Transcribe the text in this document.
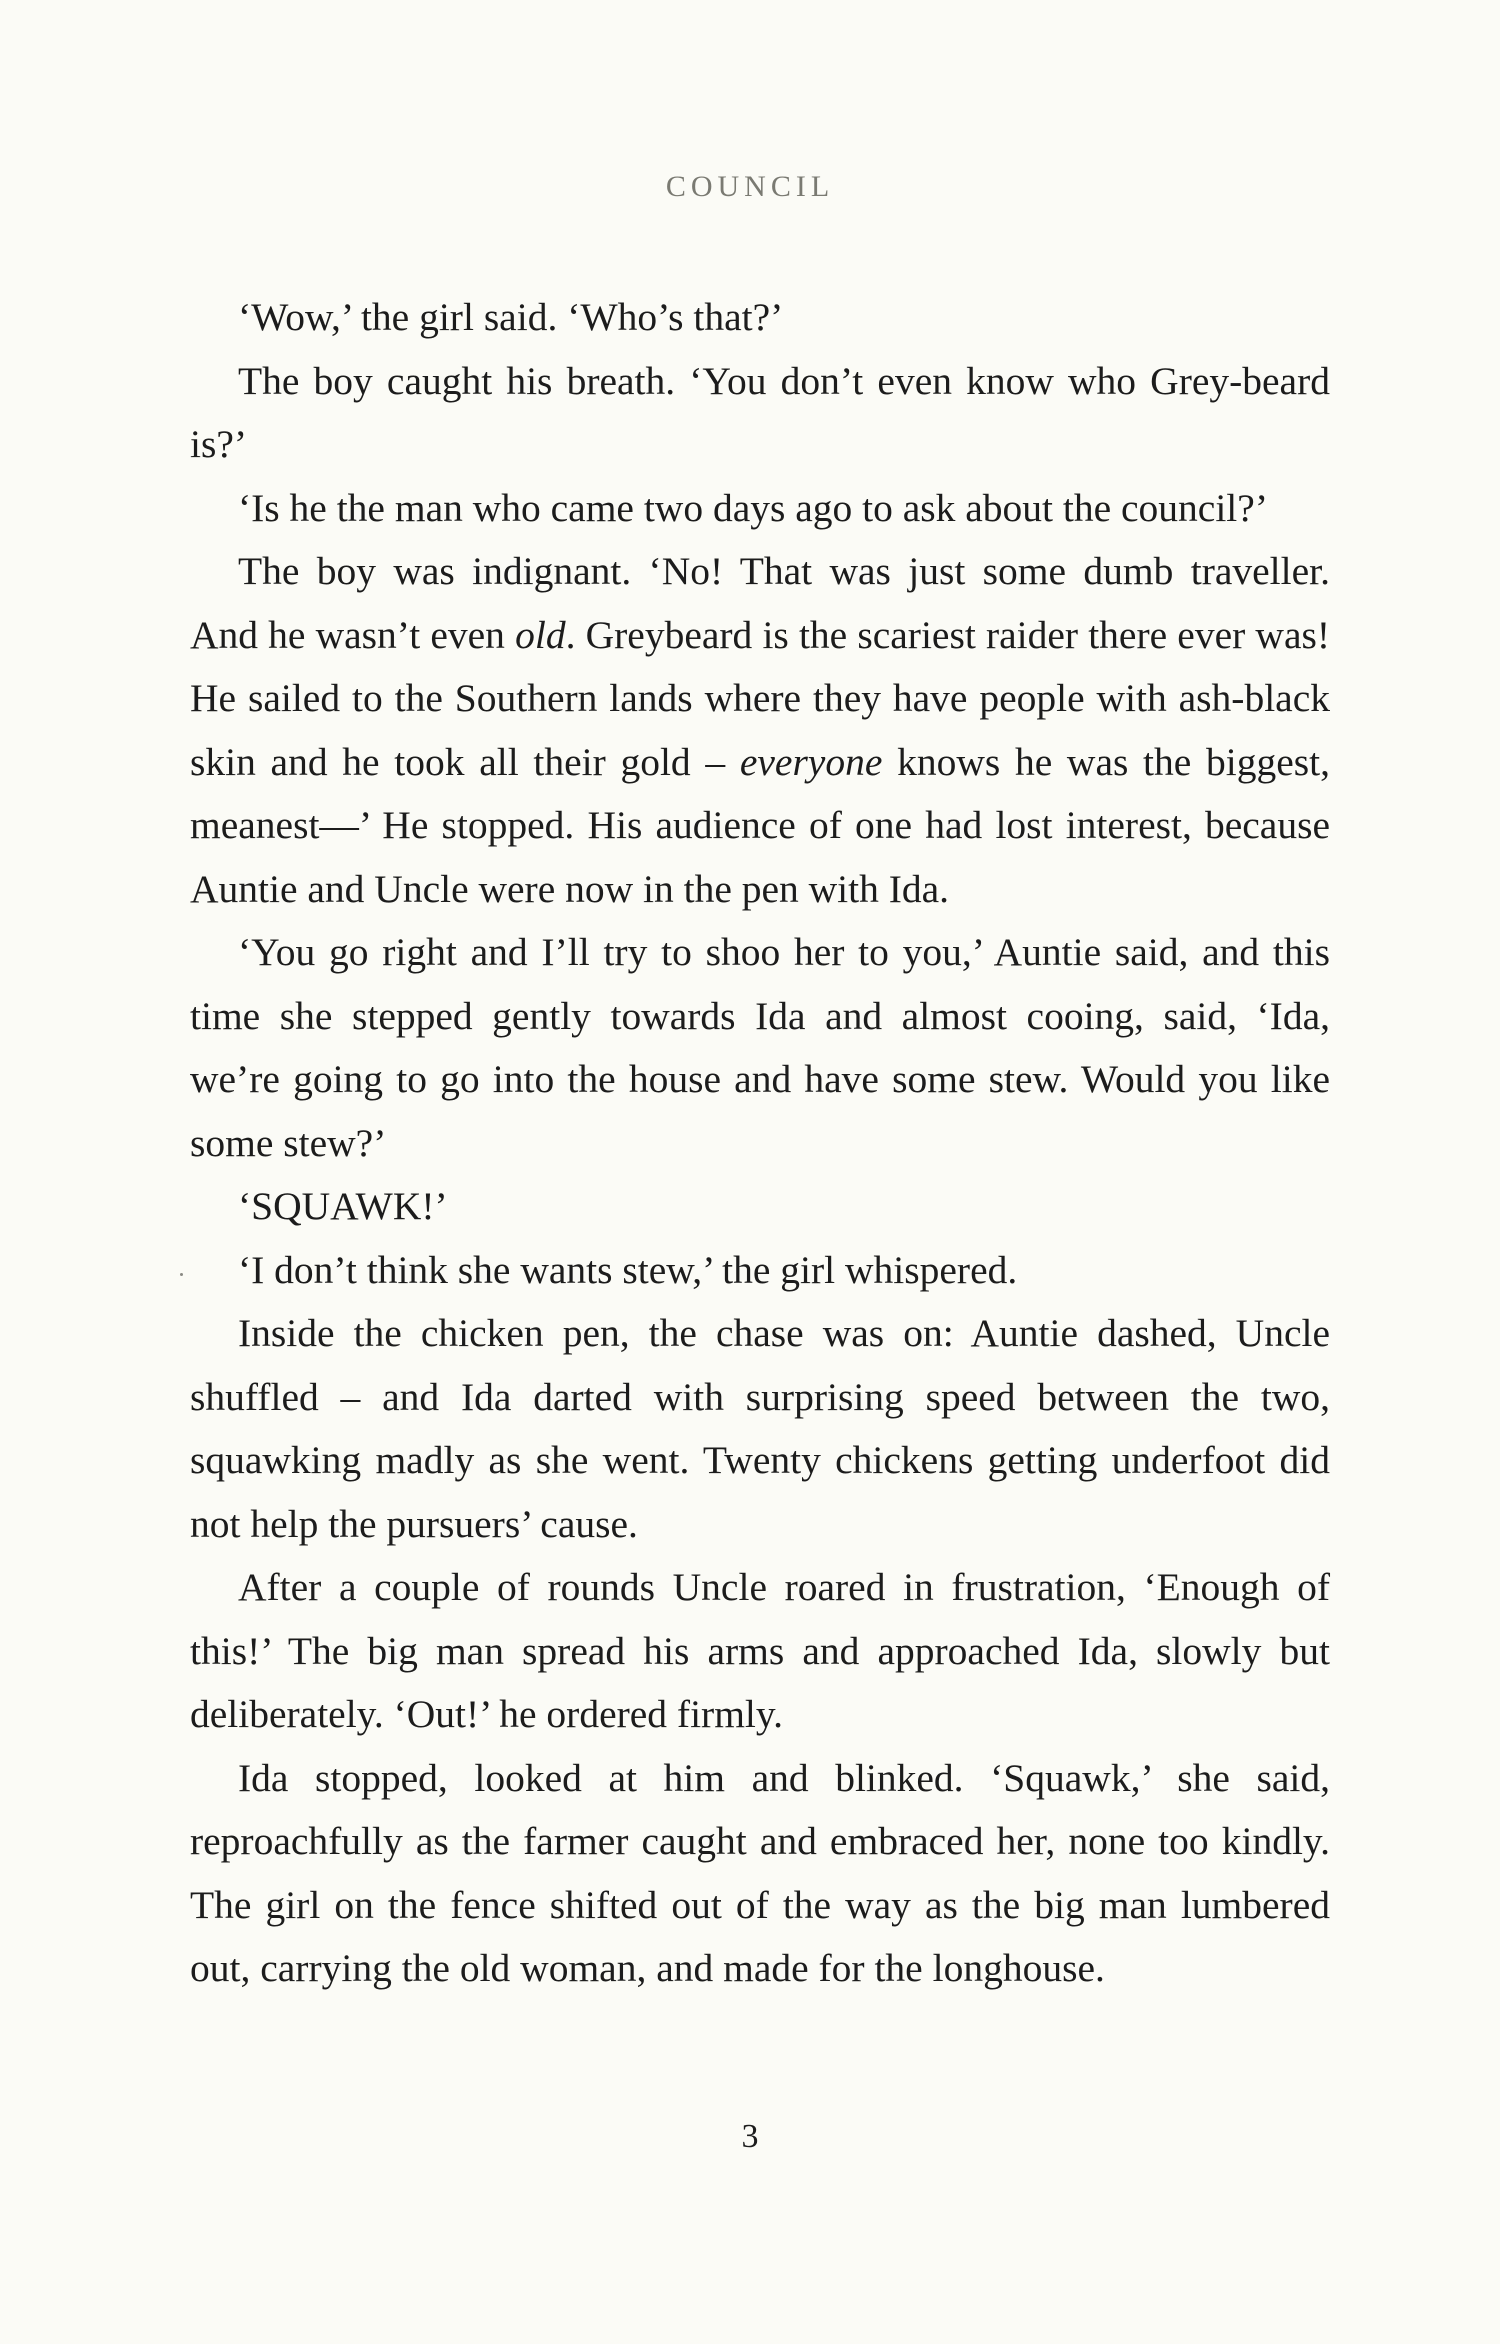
COUNCIL

‘Wow,’ the girl said. ‘Who’s that?’

The boy caught his breath. ‘You don’t even know who Grey-beard is?’

‘Is he the man who came two days ago to ask about the council?’

The boy was indignant. ‘No! That was just some dumb traveller. And he wasn’t even old. Greybeard is the scariest raider there ever was! He sailed to the Southern lands where they have people with ash-black skin and he took all their gold – everyone knows he was the biggest, meanest—’ He stopped. His audience of one had lost interest, because Auntie and Uncle were now in the pen with Ida.

‘You go right and I’ll try to shoo her to you,’ Auntie said, and this time she stepped gently towards Ida and almost cooing, said, ‘Ida, we’re going to go into the house and have some stew. Would you like some stew?’

‘SQUAWK!’

‘I don’t think she wants stew,’ the girl whispered.

Inside the chicken pen, the chase was on: Auntie dashed, Uncle shuffled – and Ida darted with surprising speed between the two, squawking madly as she went. Twenty chickens getting underfoot did not help the pursuers’ cause.

After a couple of rounds Uncle roared in frustration, ‘Enough of this!’ The big man spread his arms and approached Ida, slowly but deliberately. ‘Out!’ he ordered firmly.

Ida stopped, looked at him and blinked. ‘Squawk,’ she said, reproachfully as the farmer caught and embraced her, none too kindly. The girl on the fence shifted out of the way as the big man lumbered out, carrying the old woman, and made for the longhouse.

3
